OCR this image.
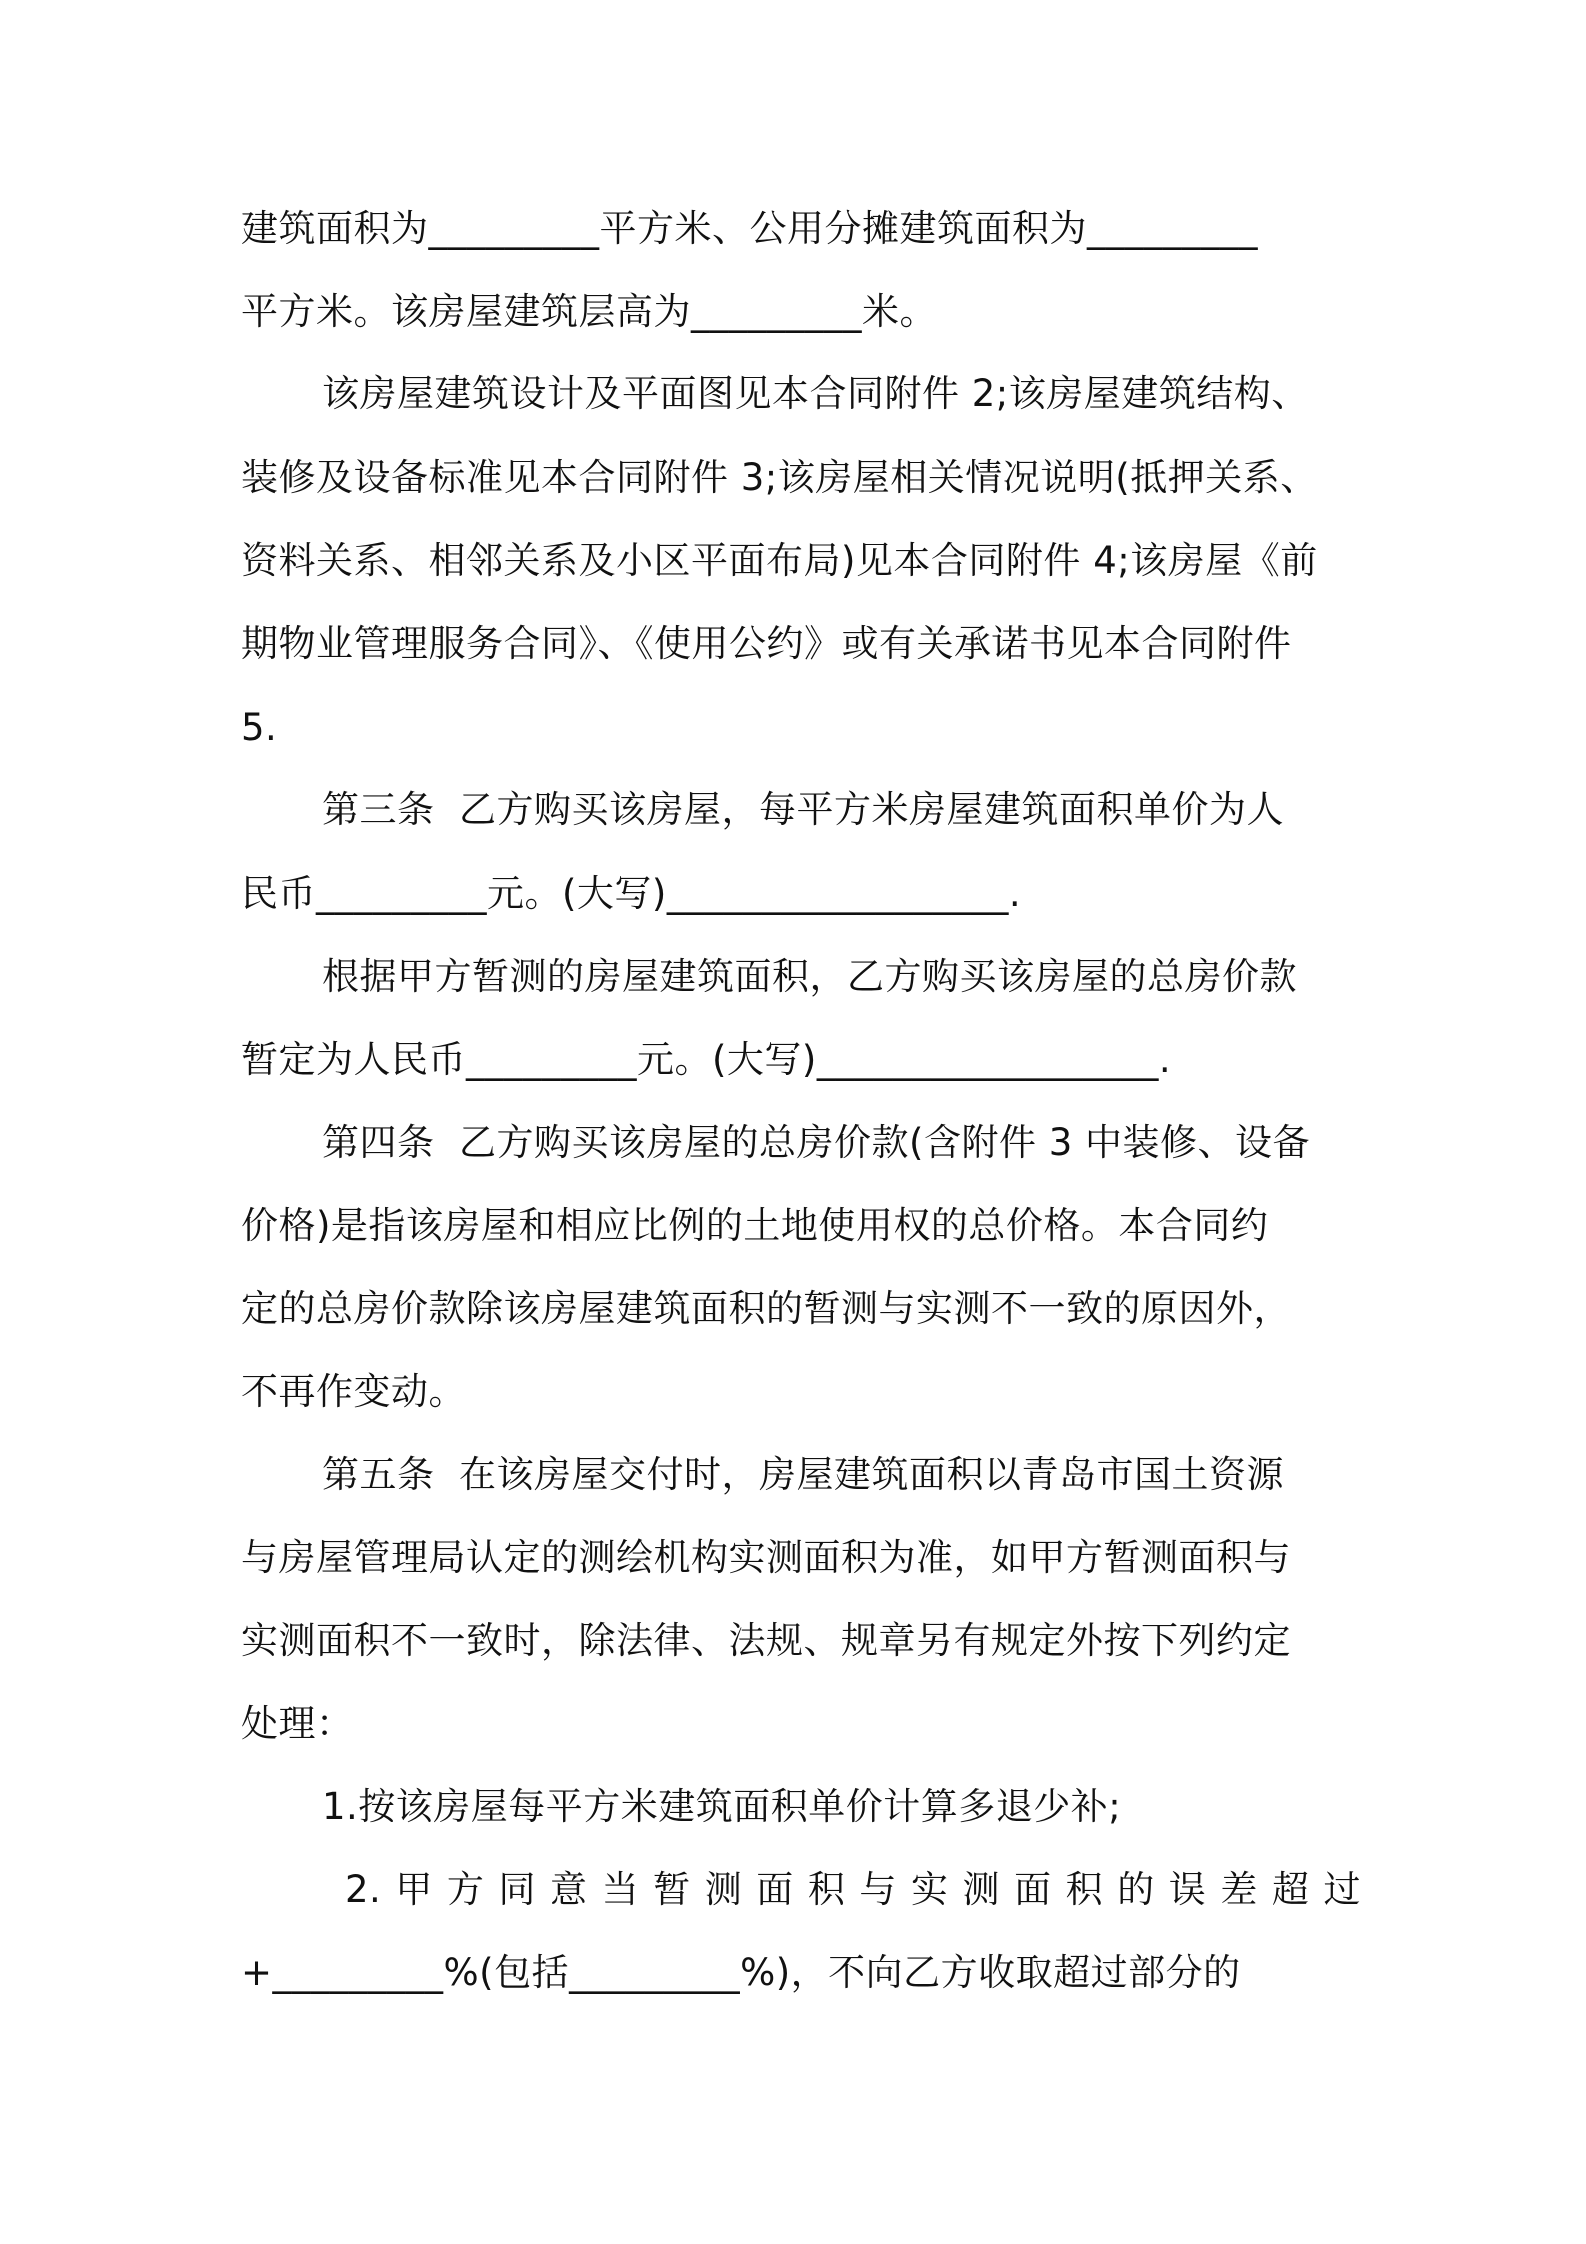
建筑面积为_________平方米、公用分摊建筑面积为_________
平方米。该房屋建筑层高为_________米。
该房屋建筑设计及平面图见本合同附件 2;该房屋建筑结构、
装修及设备标准见本合同附件 3;该房屋相关情况说明(抵押关系、
资料关系、相邻关系及小区平面布局)见本合同附件 4;该房屋《前
期物业管理服务合同》、《使用公约》或有关承诺书见本合同附件
5.
第三条  乙方购买该房屋，每平方米房屋建筑面积单价为人
民币_________元。(大写)__________________.
根据甲方暂测的房屋建筑面积，乙方购买该房屋的总房价款
暂定为人民币_________元。(大写)__________________.
第四条  乙方购买该房屋的总房价款(含附件 3 中装修、设备
价格)是指该房屋和相应比例的土地使用权的总价格。本合同约
定的总房价款除该房屋建筑面积的暂测与实测不一致的原因外，
不再作变动。
第五条  在该房屋交付时，房屋建筑面积以青岛市国土资源
与房屋管理局认定的测绘机构实测面积为准，如甲方暂测面积与
实测面积不一致时，除法律、法规、规章另有规定外按下列约定
处理：
1.按该房屋每平方米建筑面积单价计算多退少补;
2.甲方同意当暂测面积与实测面积的误差超过
+_________%(包括_________%)，不向乙方收取超过部分的
